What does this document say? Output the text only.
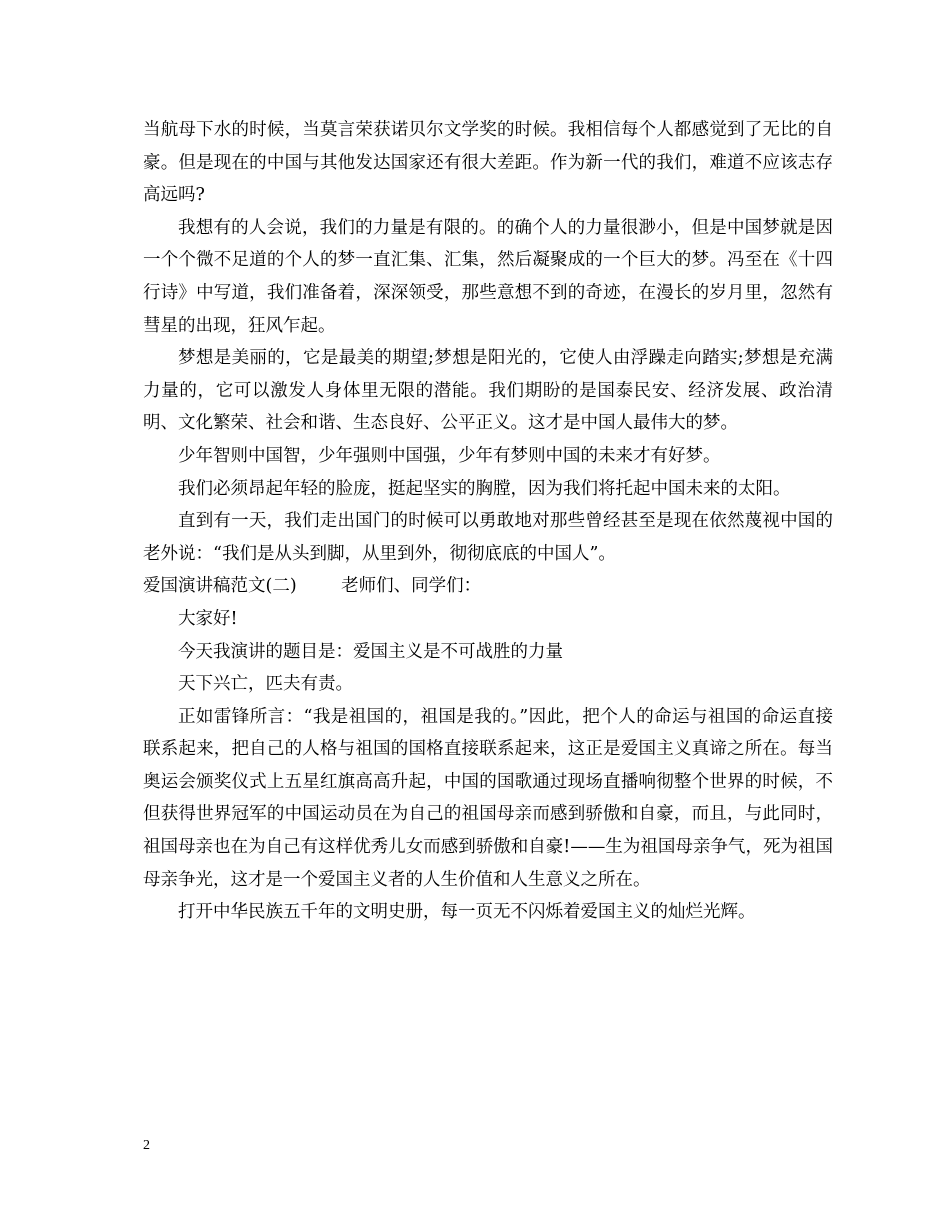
当航母下水的时候，当莫言荣获诺贝尔文学奖的时候。我相信每个人都感觉到了无比的自豪。但是现在的中国与其他发达国家还有很大差距。作为新一代的我们，难道不应该志存高远吗?

我想有的人会说，我们的力量是有限的。的确个人的力量很渺小，但是中国梦就是因一个个微不足道的个人的梦一直汇集、汇集，然后凝聚成的一个巨大的梦。冯至在《十四行诗》中写道，我们准备着，深深领受，那些意想不到的奇迹，在漫长的岁月里，忽然有彗星的出现，狂风乍起。

梦想是美丽的，它是最美的期望;梦想是阳光的，它使人由浮躁走向踏实;梦想是充满力量的，它可以激发人身体里无限的潜能。我们期盼的是国泰民安、经济发展、政治清明、文化繁荣、社会和谐、生态良好、公平正义。这才是中国人最伟大的梦。

少年智则中国智，少年强则中国强，少年有梦则中国的未来才有好梦。

我们必须昂起年轻的脸庞，挺起坚实的胸膛，因为我们将托起中国未来的太阳。

直到有一天，我们走出国门的时候可以勇敢地对那些曾经甚至是现在依然蔑视中国的老外说：“我们是从头到脚，从里到外，彻彻底底的中国人”。

爱国演讲稿范文(二)	老师们、同学们：

大家好!

今天我演讲的题目是：爱国主义是不可战胜的力量

天下兴亡，匹夫有责。

正如雷锋所言：“我是祖国的，祖国是我的。”因此，把个人的命运与祖国的命运直接联系起来，把自己的人格与祖国的国格直接联系起来，这正是爱国主义真谛之所在。每当奥运会颁奖仪式上五星红旗高高升起，中国的国歌通过现场直播响彻整个世界的时候，不但获得世界冠军的中国运动员在为自己的祖国母亲而感到骄傲和自豪，而且，与此同时，祖国母亲也在为自己有这样优秀儿女而感到骄傲和自豪!——生为祖国母亲争气，死为祖国母亲争光，这才是一个爱国主义者的人生价值和人生意义之所在。

打开中华民族五千年的文明史册，每一页无不闪烁着爱国主义的灿烂光辉。

2
